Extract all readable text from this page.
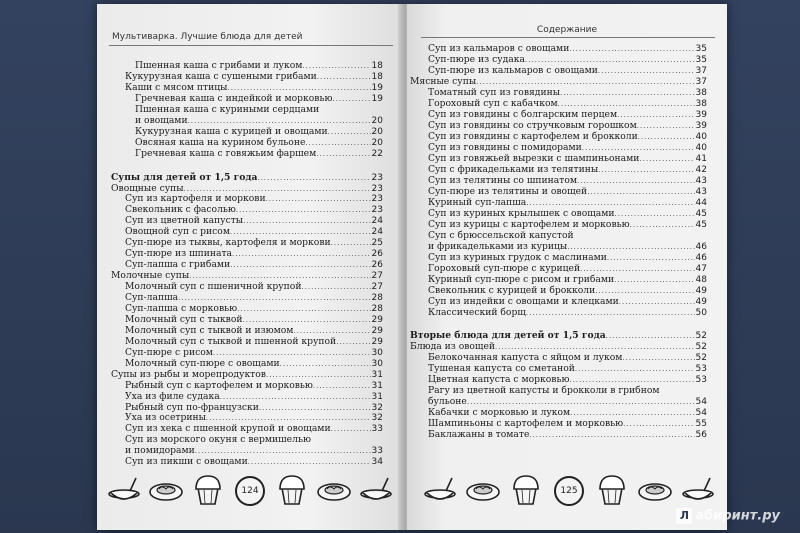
Мультиварка. Лучшие блюда для детей
Пшенная каша с грибами и луком .....	18
Кукурузная каша с сушеными грибами .....	18
Каши с мясом птицы .....	19
Гречневая каша с индейкой и морковью .....	19
Пшенная каша с куриными сердцами
и овощами .....	20
Кукурузная каша с курицей и овощами .....	20
Овсяная каша на курином бульоне .....	20
Гречневая каша с говяжьим фаршем .....	22
Супы для детей от 1,5 года .....	23
Овощные супы .....	23
Суп из картофеля и моркови .....	23
Свекольник с фасолью .....	23
Суп из цветной капусты .....	24
Овощной суп с рисом .....	24
Суп-пюре из тыквы, картофеля и моркови .....	25
Суп-пюре из шпината .....	26
Суп-лапша с грибами .....	26
Молочные супы .....	27
Молочный суп с пшеничной крупой .....	27
Суп-лапша .....	28
Суп-лапша с морковью .....	28
Молочный суп с тыквой .....	29
Молочный суп с тыквой и изюмом .....	29
Молочный суп с тыквой и пшенной крупой .....	29
Суп-пюре с рисом .....	30
Молочный суп-пюре с овощами .....	30
Супы из рыбы и морепродуктов .....	31
Рыбный суп с картофелем и морковью .....	31
Уха из филе судака .....	31
Рыбный суп по-французски .....	32
Уха из осетрины .....	32
Суп из хека с пшенной крупой и овощами .....	33
Суп из морского окуня с вермишелью
и помидорами .....	33
Суп из пикши с овощами .....	34
124
Содержание
Суп из кальмаров с овощами .....	35
Суп-пюре из судака .....	35
Суп-пюре из кальмаров с овощами .....	37
Мясные супы .....	37
Томатный суп из говядины .....	38
Гороховый суп с кабачком .....	38
Суп из говядины с болгарским перцем .....	39
Суп из говядины со стручковым горошком .....	39
Суп из говядины с картофелем и брокколи .....	40
Суп из говядины с помидорами .....	40
Суп из говяжьей вырезки с шампиньонами .....	41
Суп с фрикадельками из телятины .....	42
Суп из телятины со шпинатом .....	43
Суп-пюре из телятины и овощей .....	43
Куриный суп-лапша .....	44
Суп из куриных крылышек с овощами .....	45
Суп из курицы с картофелем и морковью .....	45
Суп с брюссельской капустой
и фрикадельками из курицы .....	46
Суп из куриных грудок с маслинами .....	46
Гороховый суп-пюре с курицей .....	47
Куриный суп-пюре с рисом и грибами .....	48
Свекольник с курицей и брокколи .....	49
Суп из индейки с овощами и клецками .....	49
Классический борщ .....	50
Вторые блюда для детей от 1,5 года .....	52
Блюда из овощей .....	52
Белокочанная капуста с яйцом и луком .....	52
Тушеная капуста со сметаной .....	53
Цветная капуста с морковью .....	53
Рагу из цветной капусты и брокколи в грибном
бульоне .....	54
Кабачки с морковью и луком .....	54
Шампиньоны с картофелем и морковью .....	55
Баклажаны в томате .....	56
125
Л абиринт.ру
